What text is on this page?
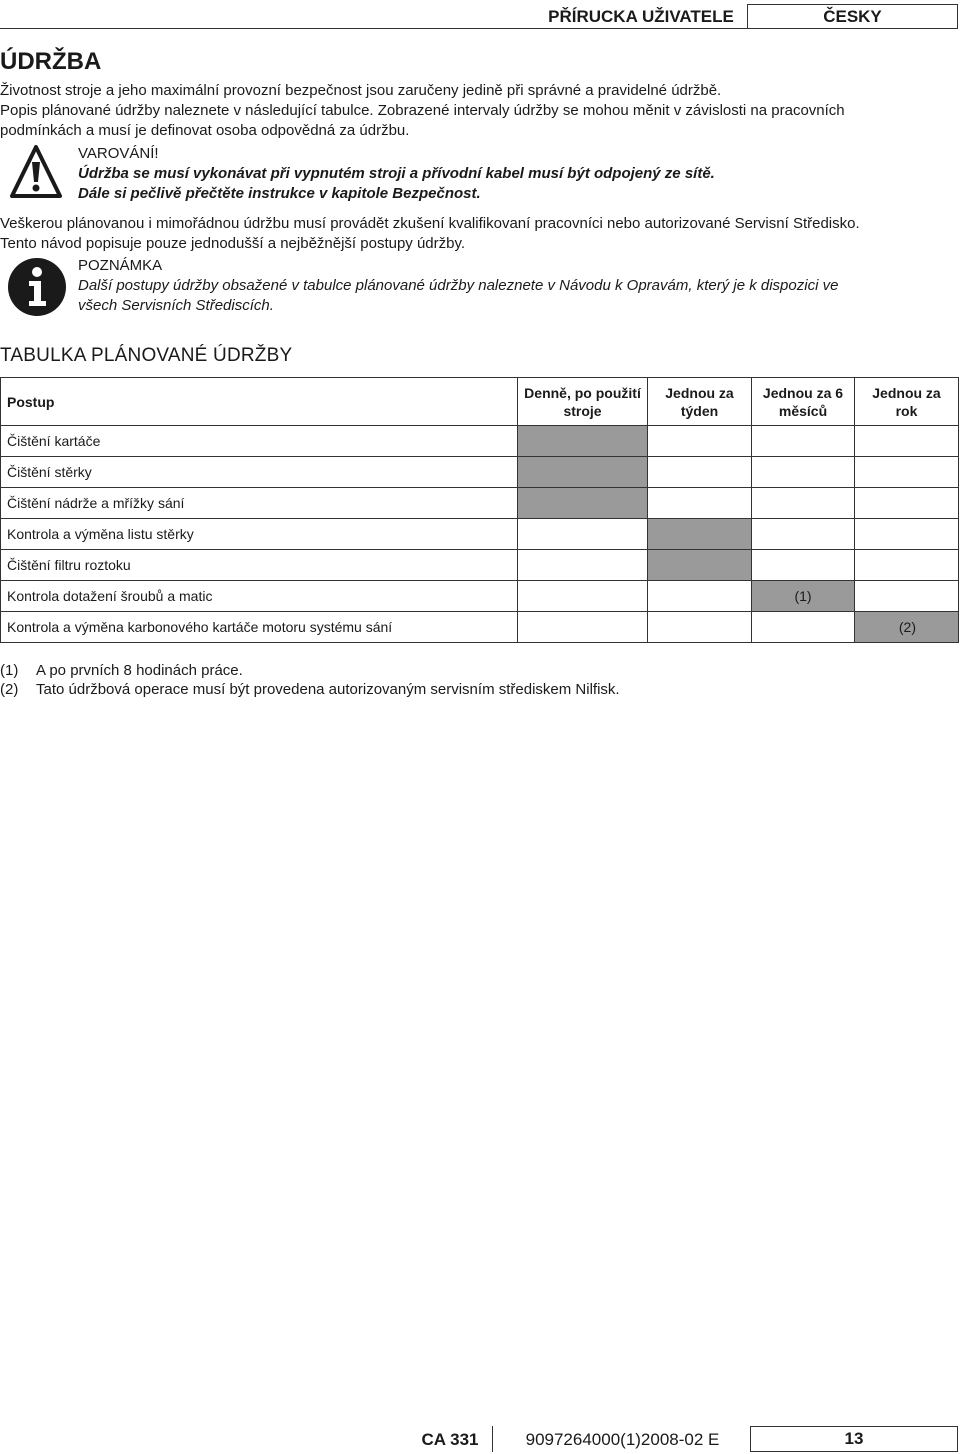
PŘÍRUCKA UŽIVATELE	ČESKY
ÚDRŽBA

Životnost stroje a jeho maximální provozní bezpečnost jsou zaručeny jedině při správné a pravidelné údržbě.

Popis plánované údržby naleznete v následující tabulce. Zobrazené intervaly údržby se mohou měnit v závislosti na pracovních

podmínkách a musí je definovat osoba odpovědná za údržbu.

VAROVÁNÍ!
Údržba se musí vykonávat při vypnutém stroji a přívodní kabel musí být odpojený ze sítě.
Dále si pečlivě přečtěte instrukce v kapitole Bezpečnost.

Veškerou plánovanou i mimořádnou údržbu musí provádět zkušení kvalifikovaní pracovníci nebo autorizované Servisní Středisko.

Tento návod popisuje pouze jednodušší a nejběžnější postupy údržby.

POZNÁMKA
Další postupy údržby obsažené v tabulce plánované údržby naleznete v Návodu k Opravám, který je k dispozici ve
všech Servisních Střediscích.
TABULKA PLÁNOVANÉ ÚDRŽBY
Postup	Denně, po použití stroje	Jednou za týden	Jednou za 6 měsíců	Jednou za rok
Čištění kartáče				
Čištění stěrky				
Čištění nádrže a mřížky sání				
Kontrola a výměna listu stěrky				
Čištění filtru roztoku				
Kontrola dotažení šroubů a matic			(1)	
Kontrola a výměna karbonového kartáče motoru systému sání				(2)
(1) A po prvních 8 hodinách práce.
(2) Tato údržbová operace musí být provedena autorizovaným servisním střediskem Nilfisk.
CA 331	9097264000(1)2008-02 E	13
